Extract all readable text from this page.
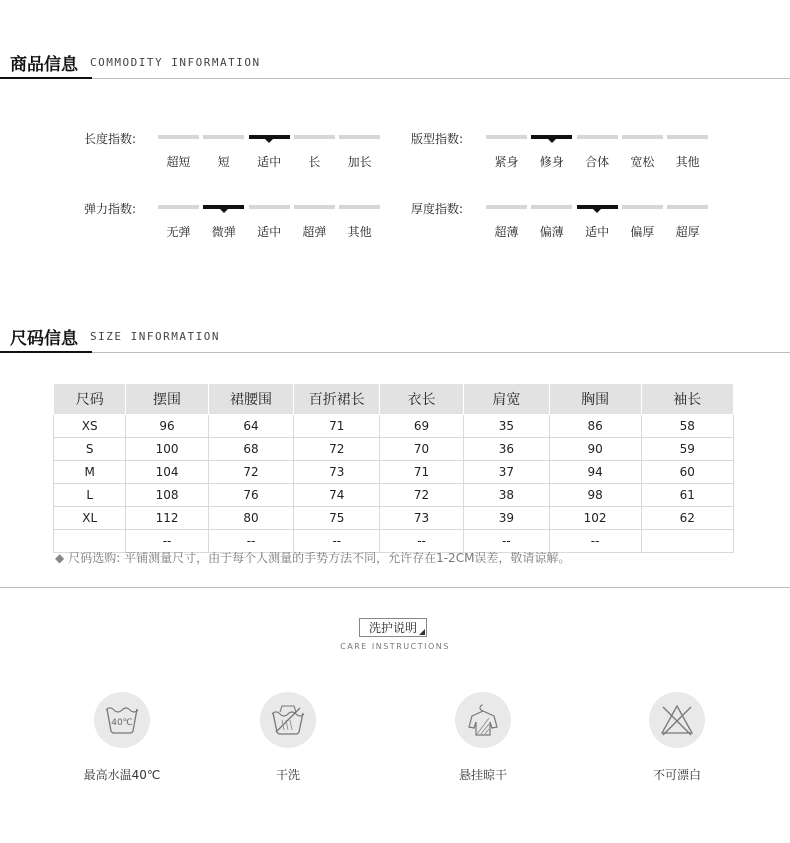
商品信息 COMMODITY INFORMATION
长度指数:
超短	短	适中	长	加长
版型指数:
紧身	修身	合体	宽松	其他
弹力指数:
无弹	微弹	适中	超弹	其他
厚度指数:
超薄	偏薄	适中	偏厚	超厚
尺码信息 SIZE INFORMATION
尺码	摆围	裙腰围	百折裙长	衣长	肩宽	胸围	袖长
XS	96	64	71	69	35	86	58
S	100	68	72	70	36	90	59
M	104	72	73	71	37	94	60
L	108	76	74	72	38	98	61
XL	112	80	75	73	39	102	62
	--	--	--	--	--	--	
◆ 尺码选购: 平铺测量尺寸，由于每个人测量的手势方法不同，允许存在1-2CM误差，敬请谅解。
洗护说明
CARE INSTRUCTIONS
40℃
最高水温40℃	干洗	悬挂晾干	不可漂白
